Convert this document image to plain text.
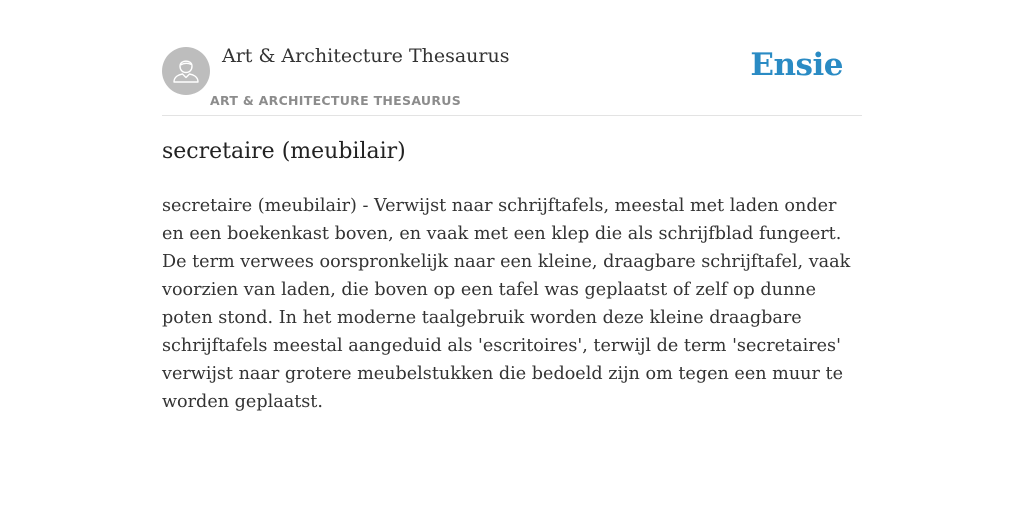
Art & Architecture Thesaurus
ART & ARCHITECTURE THESAURUS
Ensie
secretaire (meubilair)

secretaire (meubilair) - Verwijst naar schrijftafels, meestal met laden onder en een boekenkast boven, en vaak met een klep die als schrijfblad fungeert. De term verwees oorspronkelijk naar een kleine, draagbare schrijftafel, vaak voorzien van laden, die boven op een tafel was geplaatst of zelf op dunne poten stond. In het moderne taalgebruik worden deze kleine draagbare schrijftafels meestal aangeduid als 'escritoires', terwijl de term 'secretaires' verwijst naar grotere meubelstukken die bedoeld zijn om tegen een muur te worden geplaatst.
